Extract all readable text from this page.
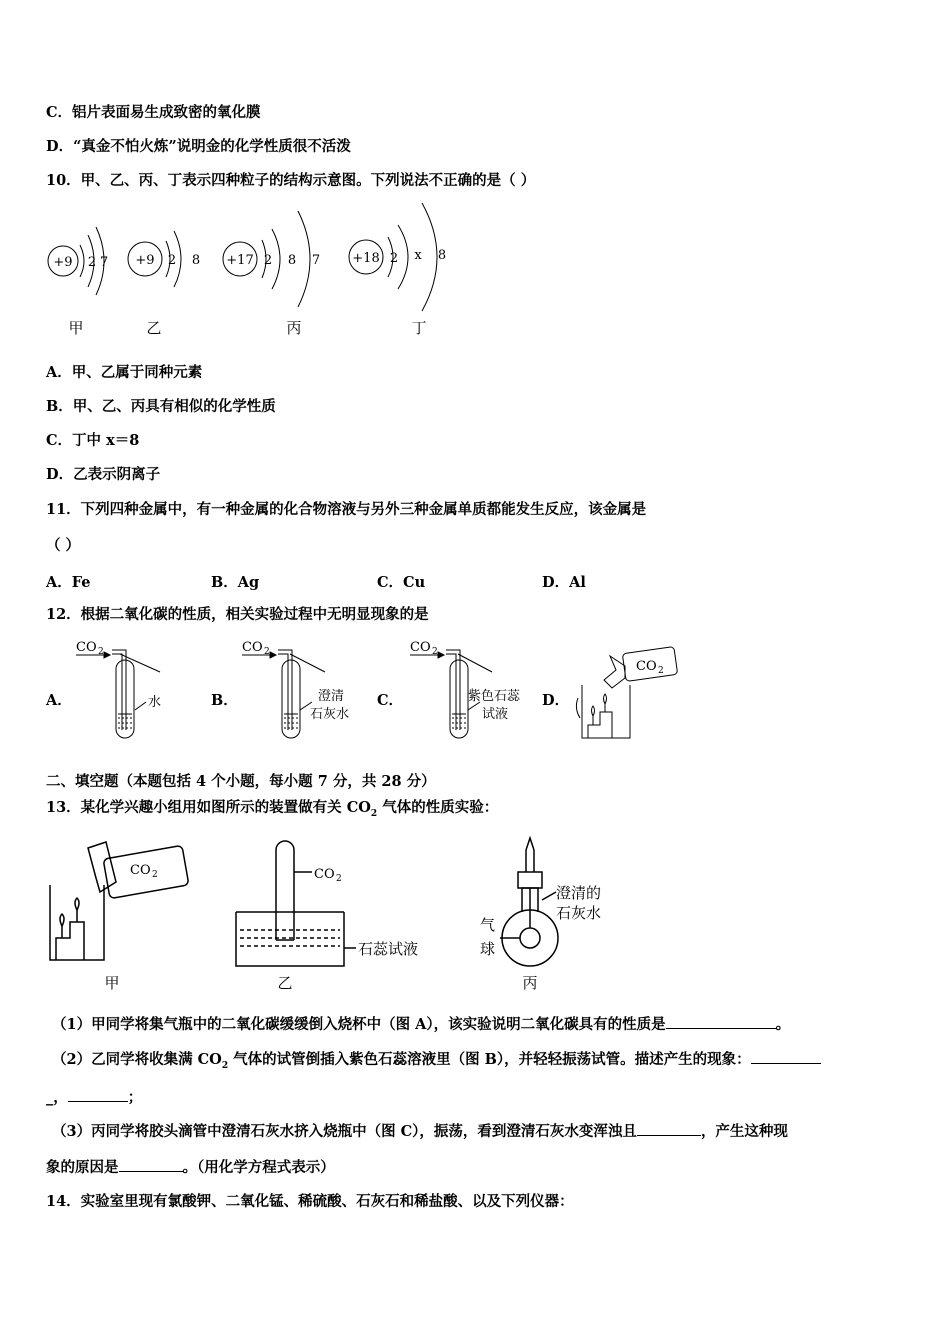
C．铝片表面易生成致密的氧化膜
D．“真金不怕火炼”说明金的化学性质很不活泼
10．甲、乙、丙、丁表示四种粒子的结构示意图。下列说法不正确的是（ ）
+9 2 7 +9 2 8 +17 2 8 7 +18 2 x 8
甲	乙	丙	丁
A．甲、乙属于同种元素
B．甲、乙、丙具有相似的化学性质
C．丁中 x＝8
D．乙表示阴离子
11．下列四种金属中，有一种金属的化合物溶液与另外三种金属单质都能发生反应，该金属是
（ ）
A．Fe	B．Ag	C．Cu	D．Al
12．根据二氧化碳的性质，相关实验过程中无明显现象的是
A．	B．	C．	D．
CO 2
水
CO 2
澄清
石灰水
CO 2
紫色石蕊
试液
CO 2
二、填空题（本题包括 4 个小题，每小题 7 分，共 28 分）
13．某化学兴趣小组用如图所示的装置做有关 $CO_2$ 气体的性质实验：
CO 2	CO 2
石蕊试液
澄清的
石灰水
气
球
甲	乙	丙
（1）甲同学将集气瓶中的二氧化碳缓缓倒入烧杯中（图 A），该实验说明二氧化碳具有的性质是	。
（2）乙同学将收集满 $CO_2$ 气体的试管倒插入紫色石蕊溶液里（图 B），并轻轻振荡试管。描述产生的现象：
_，	；
（3）丙同学将胶头滴管中澄清石灰水挤入烧瓶中（图 C），振荡，看到澄清石灰水变浑浊且	，产生这种现
象的原因是	。（用化学方程式表示）
14．实验室里现有氯酸钾、二氧化锰、稀硫酸、石灰石和稀盐酸、以及下列仪器：
